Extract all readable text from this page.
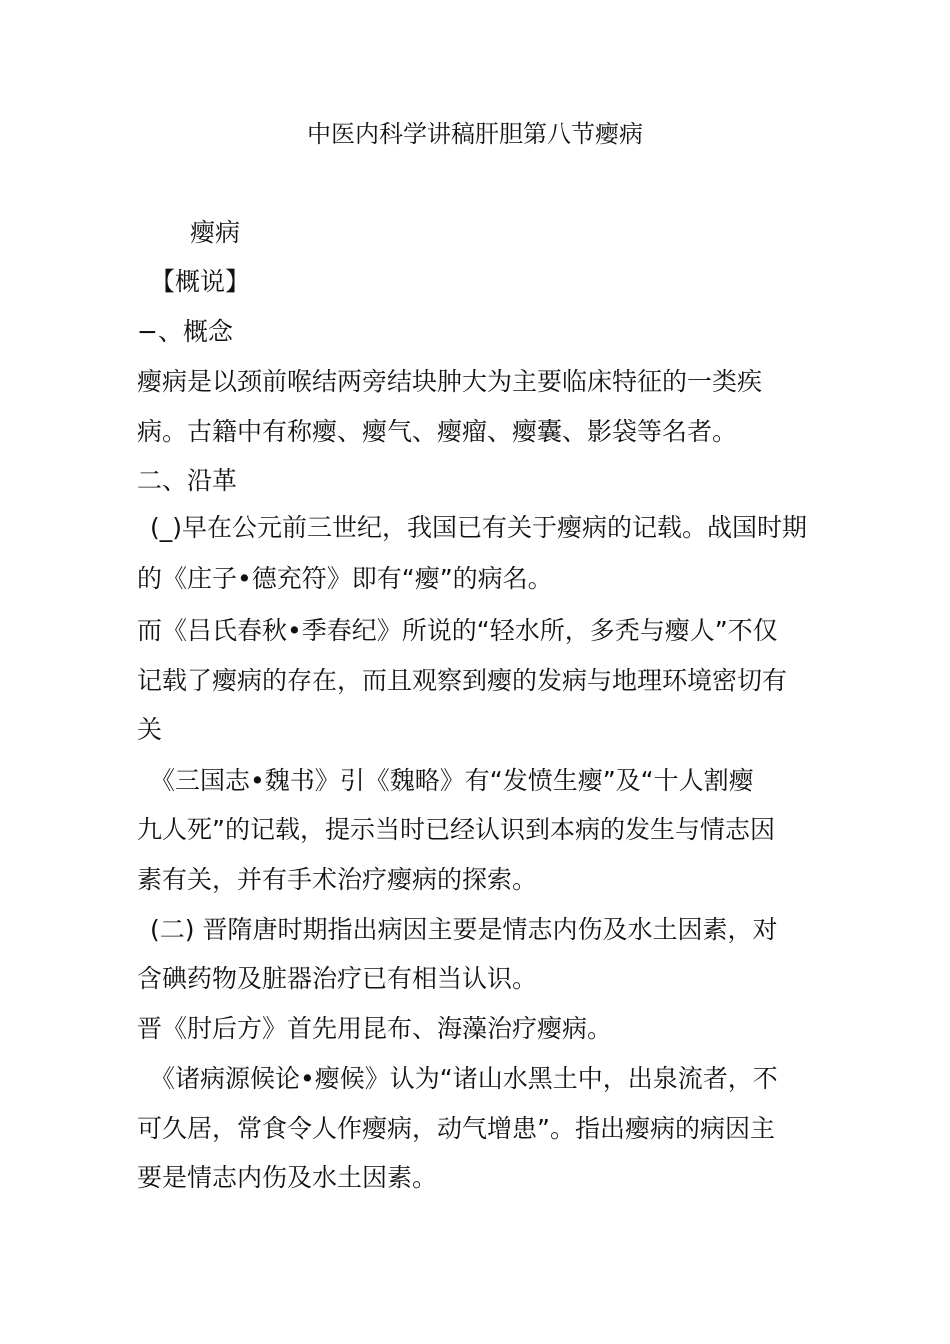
中医内科学讲稿肝胆第八节瘿病
瘿病
【概说】
−、概念
瘿病是以颈前喉结两旁结块肿大为主要临床特征的一类疾
病。古籍中有称瘿、瘿气、瘿瘤、瘿囊、影袋等名者。
二、沿革
(_)早在公元前三世纪，我国已有关于瘿病的记载。战国时期
的《庄子•德充符》即有“瘿”的病名。
而《吕氏春秋•季春纪》所说的“轻水所，多秃与瘿人”不仅
记载了瘿病的存在，而且观察到瘿的发病与地理环境密切有
关
《三国志•魏书》引《魏略》有“发愤生瘿”及“十人割瘿
九人死”的记载，提示当时已经认识到本病的发生与情志因
素有关，并有手术治疗瘿病的探索。
(二) 晋隋唐时期指出病因主要是情志内伤及水土因素，对
含碘药物及脏器治疗已有相当认识。
晋《肘后方》首先用昆布、海藻治疗瘿病。
《诸病源候论•瘿候》认为“诸山水黑土中，出泉流者，不
可久居，常食令人作瘿病，动气增患”。指出瘿病的病因主
要是情志内伤及水土因素。
